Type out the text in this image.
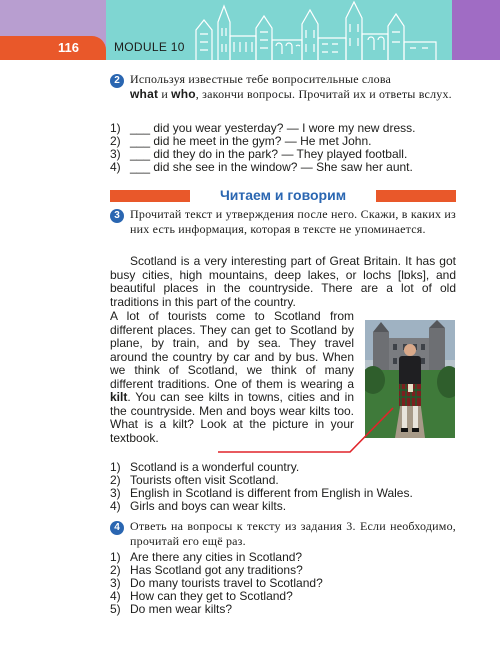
116	MODULE 10
2 Используя известные тебе вопросительные слова
what и who, закончи вопросы. Прочитай их и ответы вслух.
1) ___ did you wear yesterday? — I wore my new dress.
2) ___ did he meet in the gym? — He met John.
3) ___ did they do in the park? — They played football.
4) ___ did she see in the window? — She saw her aunt.
Читаем и говорим
3 Прочитай текст и утверждения после него. Скажи, в каких из них есть информация, которая в тексте не упоминается.
Scotland is a very interesting part of Great Britain. It has got busy cities, high mountains, deep lakes, or lochs [lɒks], and beautiful places in the countryside. There are a lot of old traditions in this part of the country.
A lot of tourists come to Scotland from different places. They can get to Scotland by plane, by train, and by sea. They travel around the country by car and by bus. When we think of Scotland, we think of many different traditions. One of them is wearing a kilt. You can see kilts in towns, cities and in the countryside. Men and boys wear kilts too. What is a kilt? Look at the picture in your textbook.
1) Scotland is a wonderful country.
2) Tourists often visit Scotland.
3) English in Scotland is different from English in Wales.
4) Girls and boys can wear kilts.
4 Ответь на вопросы к тексту из задания 3. Если необходимо, прочитай его ещё раз.
1) Are there any cities in Scotland?
2) Has Scotland got any traditions?
3) Do many tourists travel to Scotland?
4) How can they get to Scotland?
5) Do men wear kilts?
